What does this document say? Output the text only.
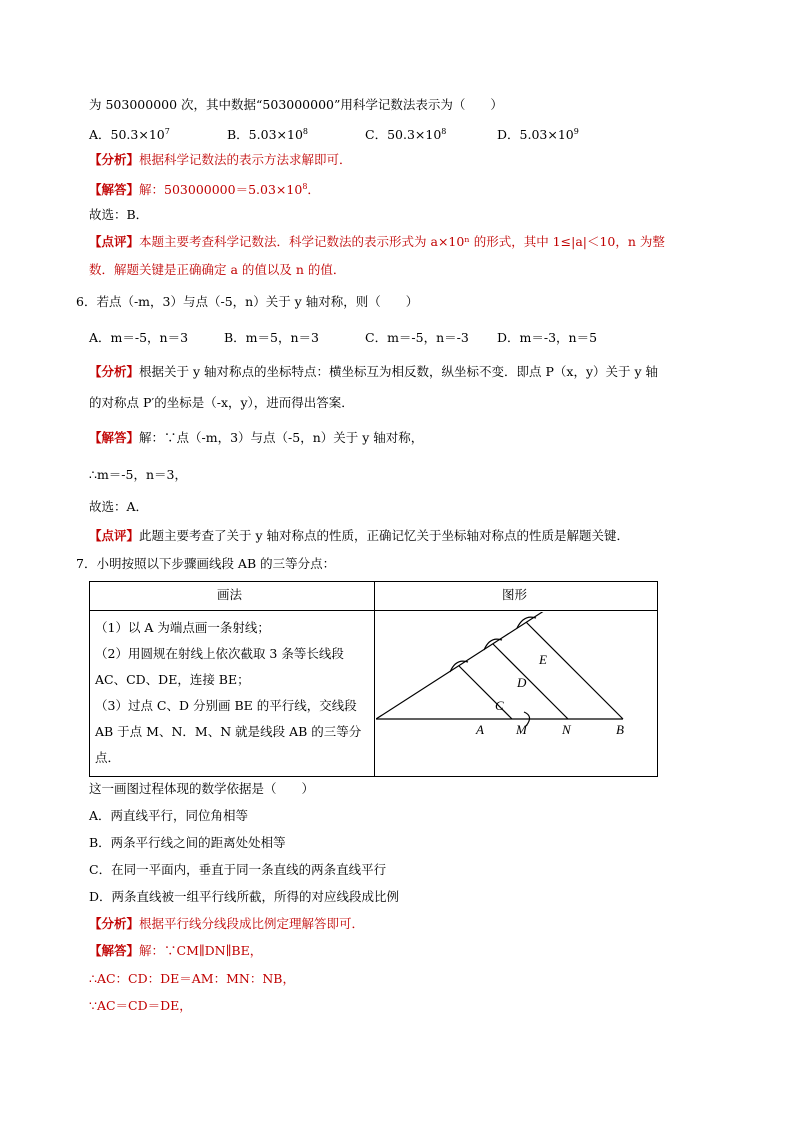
为 503000000 次，其中数据“503000000”用科学记数法表示为（　　）
A．$50.3\times 10^7$	B．$5.03\times 10^8$	C．$50.3\times 10^8$	D．$5.03\times 10^9$
【分析】根据科学记数法的表示方法求解即可．
【解答】解：$503000000=5.03\times 10^8$．
故选：B．
【点评】本题主要考查科学记数法．科学记数法的表示形式为 a×10ⁿ 的形式，其中 1≤|a|＜10，n 为整
数．解题关键是正确确定 a 的值以及 n 的值．
6．若点（-m，3）与点（-5，n）关于 y 轴对称，则（　　）
A．m＝-5，n＝3	B．m＝5，n＝3	C．m＝-5，n＝-3 D．m＝-3，n＝5
【分析】根据关于 y 轴对称点的坐标特点：横坐标互为相反数，纵坐标不变．即点 P（x，y）关于 y 轴
的对称点 P′的坐标是（-x，y），进而得出答案．
【解答】解：∵点（-m，3）与点（-5，n）关于 y 轴对称，
∴m＝-5，n＝3，
故选：A．
【点评】此题主要考查了关于 y 轴对称点的性质，正确记忆关于坐标轴对称点的性质是解题关键．
7．小明按照以下步骤画线段 AB 的三等分点：
画法	图形
（1）以 A 为端点画一条射线；
（2）用圆规在射线上依次截取 3 条等长线段
AC、CD、DE，连接 BE；
（3）过点 C、D 分别画 BE 的平行线，交线段
AB 于点 M、N．M、N 就是线段 AB 的三等分
点．
A M	N	B
C
D
E
这一画图过程体现的数学依据是（　　）
A．两直线平行，同位角相等
B．两条平行线之间的距离处处相等
C．在同一平面内，垂直于同一条直线的两条直线平行
D．两条直线被一组平行线所截，所得的对应线段成比例
【分析】根据平行线分线段成比例定理解答即可．
【解答】解：∵CM∥DN∥BE，
∴AC：CD：DE＝AM：MN：NB，
∵AC＝CD＝DE，
